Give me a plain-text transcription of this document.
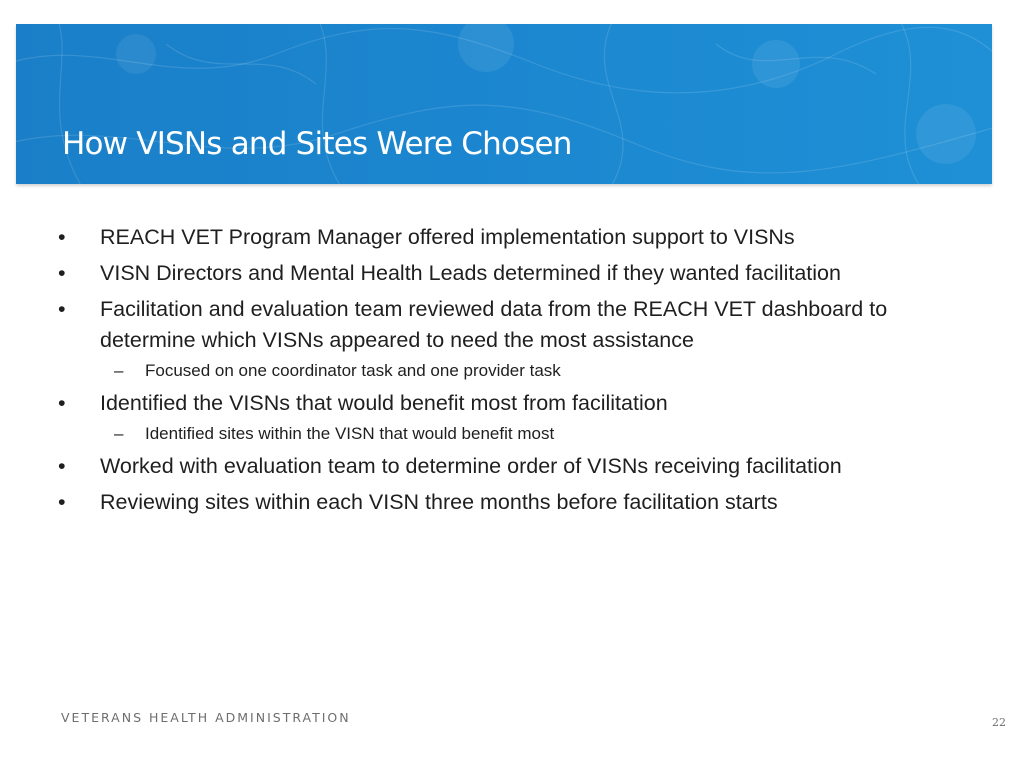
How VISNs and Sites Were Chosen
• REACH VET Program Manager offered implementation support to VISNs
• VISN Directors and Mental Health Leads determined if they wanted facilitation
• Facilitation and evaluation team reviewed data from the REACH VET dashboard to determine which VISNs appeared to need the most assistance
– Focused on one coordinator task and one provider task
• Identified the VISNs that would benefit most from facilitation
– Identified sites within the VISN that would benefit most
• Worked with evaluation team to determine order of VISNs receiving facilitation
• Reviewing sites within each VISN three months before facilitation starts
VETERANS HEALTH ADMINISTRATION	22
